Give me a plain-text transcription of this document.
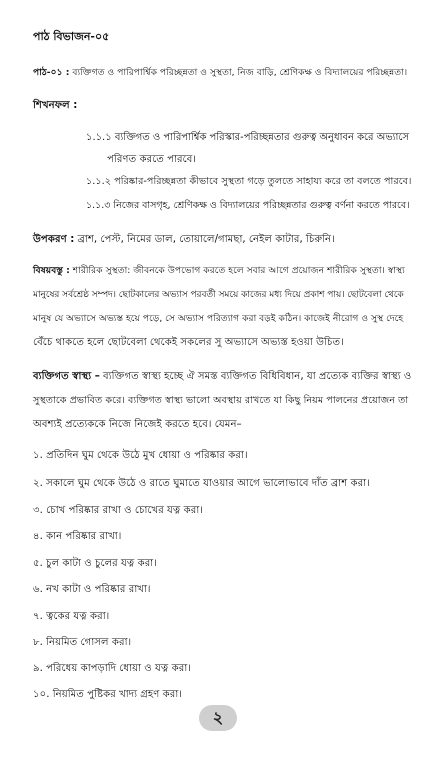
পাঠ বিভাজন-০৫
পাঠ-০১ : ব্যক্তিগত ও পারিপার্শ্বিক পরিচ্ছন্নতা ও সুস্থতা, নিজ বাড়ি, শ্রেণিকক্ষ ও বিদ্যালয়ের পরিচ্ছন্নতা।
শিখনফল :
১.১.১ ব্যক্তিগত ও পারিপার্শ্বিক পরিস্কার-পরিচ্ছন্নতার গুরুত্ব অনুধাবন করে অভ্যাসে
পরিণত করতে পারবে।
১.১.২ পরিষ্কার-পরিচ্ছন্নতা কীভাবে সুস্থতা গড়ে তুলতে সাহায্য করে তা বলতে পারবে।
১.১.৩ নিজের বাসগৃহ, শ্রেণিকক্ষ ও বিদ্যালয়ের পরিচ্ছন্নতার গুরুত্ব বর্ণনা করতে পারবে।
উপকরণ : ব্রাশ, পেস্ট, নিমের ডাল, তোয়ালে/গামছা, নেইল কাটার, চিরুনি।
বিষয়বস্তু : শারীরিক সুস্থতা: জীবনকে উপভোগ করতে হলে সবার আগে প্রয়োজন শারীরিক সুস্থতা। স্বাস্থ্য
মানুষের সর্বশ্রেষ্ঠ সম্পদ। ছোটকালের অভ্যাস পরবর্তী সময়ে কাজের মধ্য দিয়ে প্রকাশ পায়। ছোটবেলা থেকে
মানুষ যে অভ্যাসে অভ্যস্ত হয়ে পড়ে, সে অভ্যাস পরিত্যাগ করা বড়ই কঠিন। কাজেই নীরোগ ও সুস্থ দেহে
বেঁচে থাকতে হলে ছোটবেলা থেকেই সকলের সু অভ্যাসে অভ্যস্ত হওয়া উচিত।
ব্যক্তিগত স্বাস্থ্য – ব্যক্তিগত স্বাস্থ্য হচ্ছে ঐ সমস্ত ব্যক্তিগত বিধিবিধান, যা প্রত্যেক ব্যক্তির স্বাস্থ্য ও
সুস্থতাকে প্রভাবিত করে। ব্যক্তিগত স্বাস্থ্য ভালো অবস্থায় রাখতে যা কিছু নিয়ম পালনের প্রয়োজন তা
অবশ্যই প্রত্যেককে নিজে নিজেই করতে হবে। যেমন–
১. প্রতিদিন ঘুম থেকে উঠে মুখ ধোয়া ও পরিষ্কার করা।
২. সকালে ঘুম থেকে উঠে ও রাতে ঘুমাতে যাওয়ার আগে ভালোভাবে দাঁত ব্রাশ করা।
৩. চোখ পরিষ্কার রাখা ও চোখের যত্ন করা।
৪. কান পরিষ্কার রাখা।
৫. চুল কাটা ও চুলের যত্ন করা।
৬. নখ কাটা ও পরিষ্কার রাখা।
৭. ত্বকের যত্ন করা।
৮. নিয়মিত গোসল করা।
৯. পরিধেয় কাপড়াদি ধোয়া ও যত্ন করা।
১০. নিয়মিত পুষ্টিকর খাদ্য গ্রহণ করা।
২
